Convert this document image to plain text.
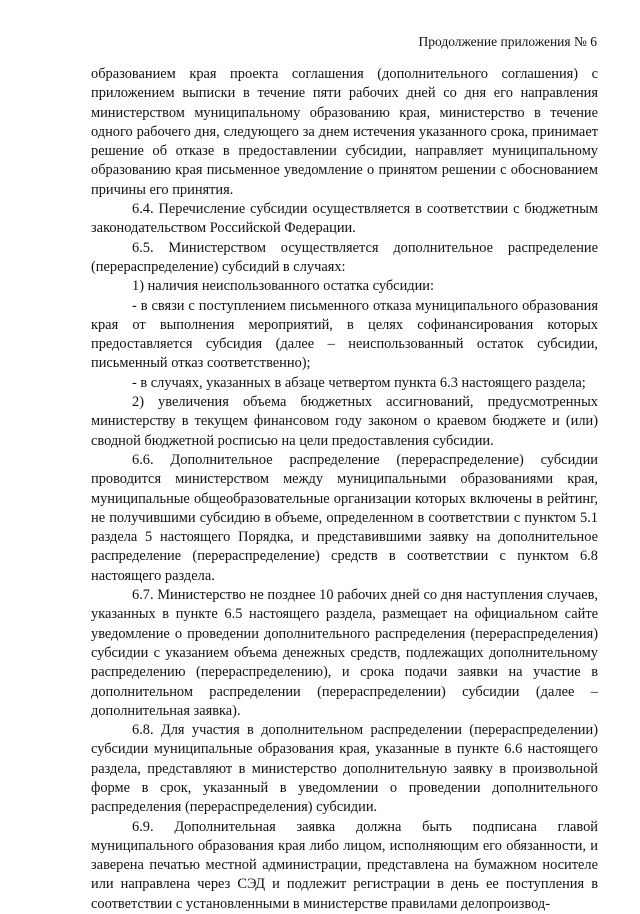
Продолжение приложения № 6

образованием края проекта соглашения (дополнительного соглашения) с приложением выписки в течение пяти рабочих дней со дня его направления министерством муниципальному образованию края, министерство в течение одного рабочего дня, следующего за днем истечения указанного срока, принимает решение об отказе в предоставлении субсидии, направляет муниципальному образованию края письменное уведомление о принятом решении с обоснованием причины его принятия.

6.4. Перечисление субсидии осуществляется в соответствии с бюджетным законодательством Российской Федерации.

6.5. Министерством осуществляется дополнительное распределение (перераспределение) субсидий в случаях:

1) наличия неиспользованного остатка субсидии:

- в связи с поступлением письменного отказа муниципального образования края от выполнения мероприятий, в целях софинансирования которых предоставляется субсидия (далее – неиспользованный остаток субсидии, письменный отказ соответственно);

- в случаях, указанных в абзаце четвертом пункта 6.3 настоящего раздела;

2) увеличения объема бюджетных ассигнований, предусмотренных министерству в текущем финансовом году законом о краевом бюджете и (или) сводной бюджетной росписью на цели предоставления субсидии.

6.6. Дополнительное распределение (перераспределение) субсидии проводится министерством между муниципальными образованиями края, муниципальные общеобразовательные организации которых включены в рейтинг, не получившими субсидию в объеме, определенном в соответствии с пунктом 5.1 раздела 5 настоящего Порядка, и представившими заявку на дополнительное распределение (перераспределение) средств в соответствии с пунктом 6.8 настоящего раздела.

6.7. Министерство не позднее 10 рабочих дней со дня наступления случаев, указанных в пункте 6.5 настоящего раздела, размещает на официальном сайте уведомление о проведении дополнительного распределения (перераспределения) субсидии с указанием объема денежных средств, подлежащих дополнительному распределению (перераспределению), и срока подачи заявки на участие в дополнительном распределении (перераспределении) субсидии (далее – дополнительная заявка).

6.8. Для участия в дополнительном распределении (перераспределении) субсидии муниципальные образования края, указанные в пункте 6.6 настоящего раздела, представляют в министерство дополнительную заявку в произвольной форме в срок, указанный в уведомлении о проведении дополнительного распределения (перераспределения) субсидии.

6.9. Дополнительная заявка должна быть подписана главой муниципального образования края либо лицом, исполняющим его обязанности, и заверена печатью местной администрации, представлена на бумажном носителе или направлена через СЭД и подлежит регистрации в день ее поступления в соответствии с установленными в министерстве правилами делопроизвод-
